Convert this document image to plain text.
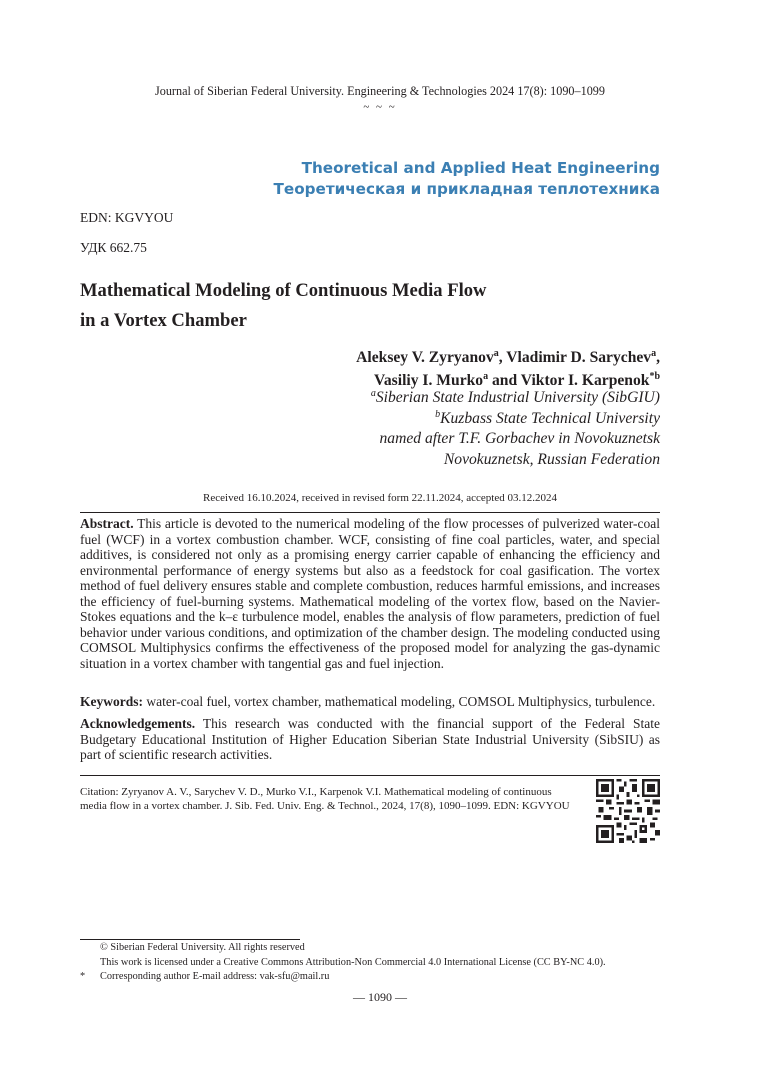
Journal of Siberian Federal University. Engineering & Technologies 2024 17(8): 1090–1099
~ ~ ~
Theoretical and Applied Heat Engineering
Теоретическая и прикладная теплотехника
EDN: KGVYOU
УДК 662.75
Mathematical Modeling of Continuous Media Flow
in a Vortex Chamber
Aleksey V. Zyryanov$^a$, Vladimir D. Sarychev$^a$,
Vasiliy I. Murko$^a$ and Viktor I. Karpenok$^{*b}$
$^a$Siberian State Industrial University (SibGIU)
$^b$Kuzbass State Technical University
named after T.F. Gorbachev in Novokuznetsk
Novokuznetsk, Russian Federation
Received 16.10.2024, received in revised form 22.11.2024, accepted 03.12.2024
Abstract. This article is devoted to the numerical modeling of the flow processes of pulverized water-coal fuel (WCF) in a vortex combustion chamber. WCF, consisting of fine coal particles, water, and special additives, is considered not only as a promising energy carrier capable of enhancing the efficiency and environmental performance of energy systems but also as a feedstock for coal gasification. The vortex method of fuel delivery ensures stable and complete combustion, reduces harmful emissions, and increases the efficiency of fuel-burning systems. Mathematical modeling of the vortex flow, based on the Navier-Stokes equations and the k–ε turbulence model, enables the analysis of flow parameters, prediction of fuel behavior under various conditions, and optimization of the chamber design. The modeling conducted using COMSOL Multiphysics confirms the effectiveness of the proposed model for analyzing the gas-dynamic situation in a vortex chamber with tangential gas and fuel injection.
Keywords: water-coal fuel, vortex chamber, mathematical modeling, COMSOL Multiphysics, turbulence.
Acknowledgements. This research was conducted with the financial support of the Federal State Budgetary Educational Institution of Higher Education Siberian State Industrial University (SibSIU) as part of scientific research activities.
Citation: Zyryanov A. V., Sarychev V. D., Murko V.I., Karpenok V.I. Mathematical modeling of continuous media flow in a vortex chamber. J. Sib. Fed. Univ. Eng. & Technol., 2024, 17(8), 1090–1099. EDN: KGVYOU
© Siberian Federal University. All rights reserved
This work is licensed under a Creative Commons Attribution-Non Commercial 4.0 International License (CC BY-NC 4.0).
* Corresponding author E-mail address: vak-sfu@mail.ru
— 1090 —
